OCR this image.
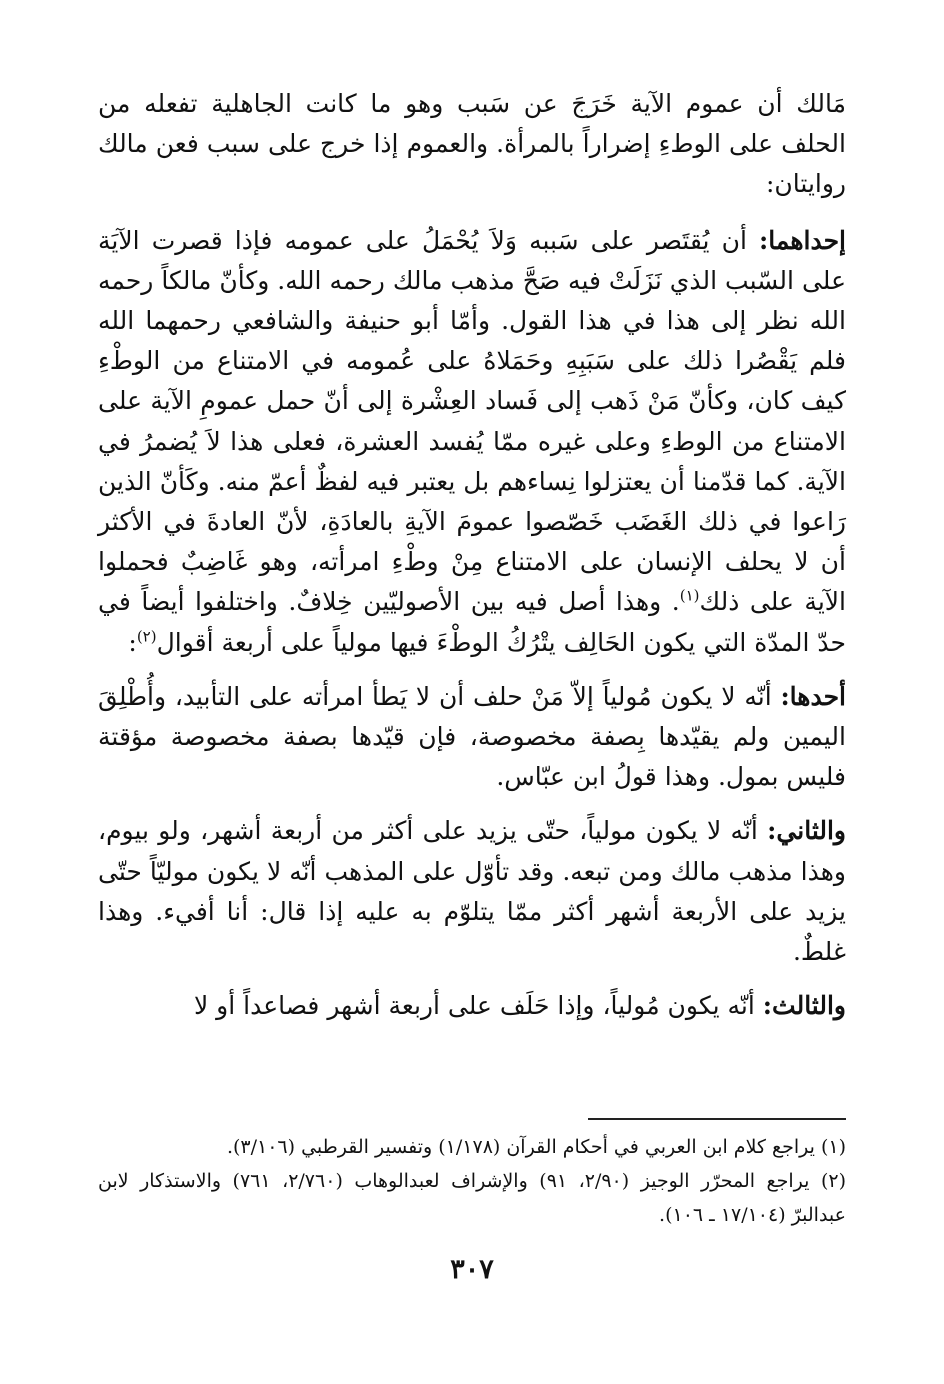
مَالك أن عموم الآية خَرَجَ عن سَبب وهو ما كانت الجاهلية تفعله من الحلف على الوطءِ إضراراً بالمرأة. والعموم إذا خرج على سبب فعن مالك روايتان:

إحداهما: أن يُقتَصر على سَببه وَلاَ يُحْمَلُ على عمومه فإذا قصرت الآيَة على السّبب الذي نَزَلَتْ فيه صَحَّ مذهب مالك رحمه الله. وكأنّ مالكاً رحمه الله نظر إلى هذا في هذا القول. وأمّا أبو حنيفة والشافعي رحمهما الله فلم يَقْصُرا ذلك على سَبَبِهِ وحَمَلاهُ على عُمومه في الامتناع من الوطْءِ كيف كان، وكأنّ مَنْ ذَهب إلى فَساد العِشْرة إلى أنّ حمل عمومِ الآية على الامتناع من الوطءِ وعلى غيره ممّا يُفسد العشرة، فعلى هذا لاَ يُضمرُ في الآية. كما قدّمنا أن يعتزلوا نِساءهم بل يعتبر فيه لفظٌ أعمّ منه. وكَأنّ الذين رَاعوا في ذلك الغَضَب خَصّصوا عمومَ الآيةِ بالعادَةِ، لأنّ العادةَ في الأكثر أن لا يحلف الإنسان على الامتناع مِنْ وطْءِ امرأته، وهو غَاضِبٌ فحملوا الآية على ذلك$^{(١)}$. وهذا أصل فيه بين الأصوليّين خِلافٌ. واختلفوا أيضاً في حدّ المدّة التي يكون الحَالِف يتْرُكُ الوطْءَ فيها مولياً على أربعة أقوال$^{(٢)}$:

أحدها: أنّه لا يكون مُولياً إلاّ مَنْ حلف أن لا يَطأ امرأته على التأبيد، وأُطْلِقَ اليمين ولم يقيّدها بِصفة مخصوصة، فإن قيّدها بصفة مخصوصة مؤقتة فليس بمول. وهذا قولُ ابن عبّاس.

والثاني: أنّه لا يكون مولياً، حتّى يزيد على أكثر من أربعة أشهر، ولو بيوم، وهذا مذهب مالك ومن تبعه. وقد تأوّل على المذهب أنّه لا يكون موليّاً حتّى يزيد على الأربعة أشهر أكثر ممّا يتلوّم به عليه إذا قال: أنا أفيء. وهذا غلطٌ.

والثالث: أنّه يكون مُولياً، وإذا حَلَف على أربعة أشهر فصاعداً أو لا

(١) يراجع كلام ابن العربي في أحكام القرآن (١/١٧٨) وتفسير القرطبي (٣/١٠٦).

(٢) يراجع المحرّر الوجيز (٢/٩٠، ٩١) والإشراف لعبدالوهاب (٢/٧٦٠، ٧٦١) والاستذكار لابن عبدالبرّ (١٧/١٠٤ ـ ١٠٦).

٣٠٧
